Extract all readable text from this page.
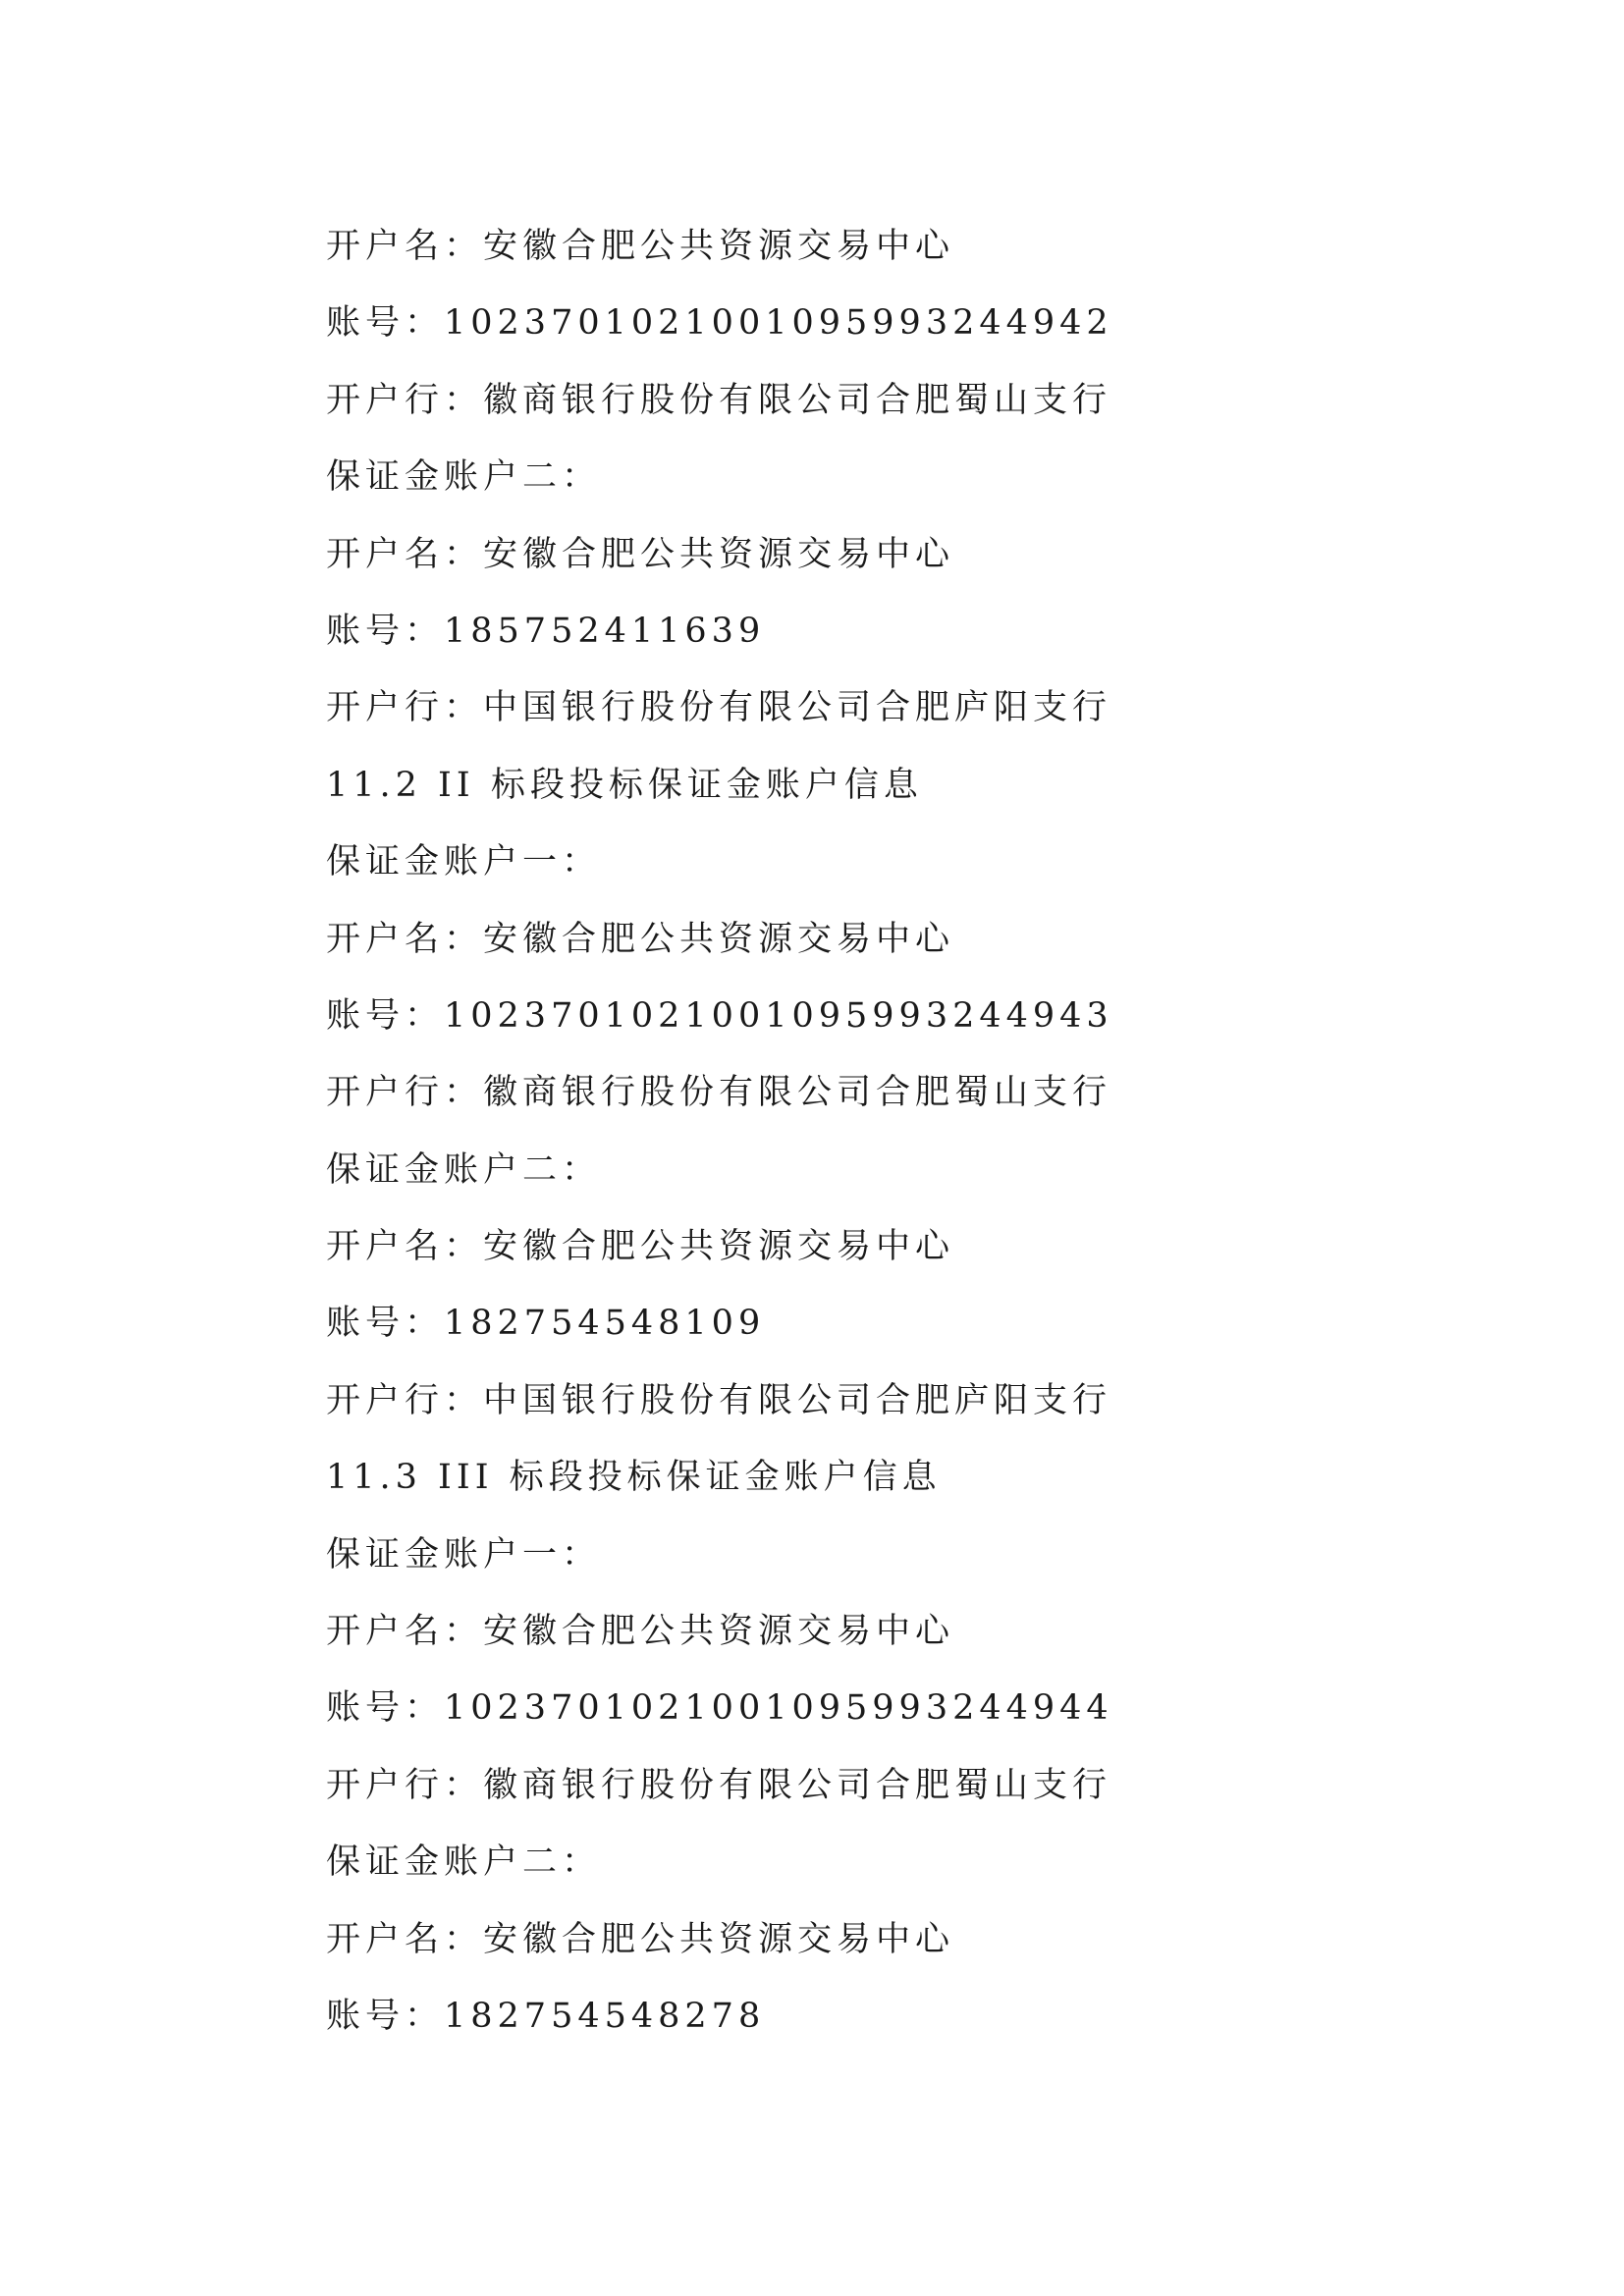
开户名：安徽合肥公共资源交易中心
账号：102370102100109599324494​2
开户行：徽商银行股份有限公司合肥蜀山支行
保证金账户二：
开户名：安徽合肥公共资源交易中心
账号：185752411639
开户行：中国银行股份有限公司合肥庐阳支行
11.2 II 标段投标保证金账户信息
保证金账户一：
开户名：安徽合肥公共资源交易中心
账号：1023701021001095993244943
开户行：徽商银行股份有限公司合肥蜀山支行
保证金账户二：
开户名：安徽合肥公共资源交易中心
账号：182754548109
开户行：中国银行股份有限公司合肥庐阳支行
11.3 III 标段投标保证金账户信息
保证金账户一：
开户名：安徽合肥公共资源交易中心
账号：1023701021001095993244944
开户行：徽商银行股份有限公司合肥蜀山支行
保证金账户二：
开户名：安徽合肥公共资源交易中心
账号：182754548278
